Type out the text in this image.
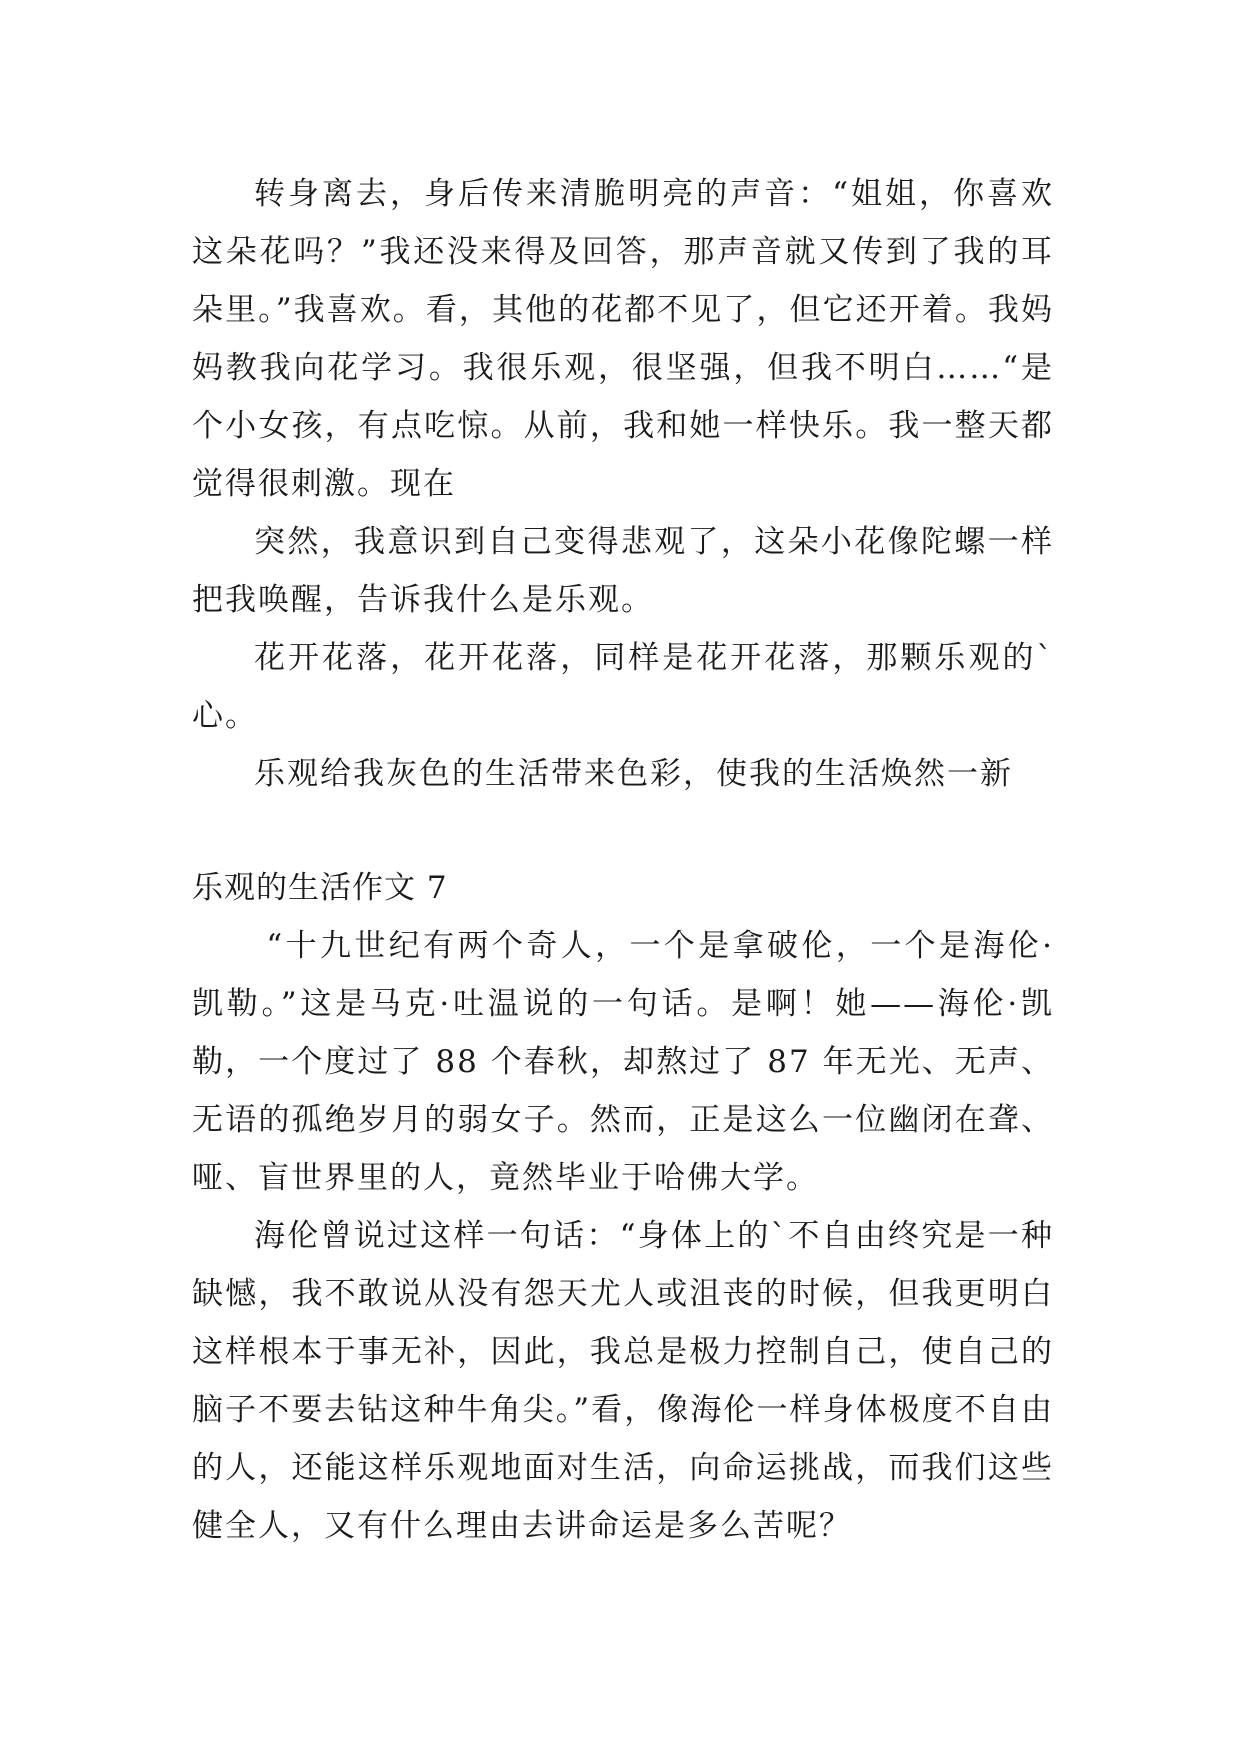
转身离去，身后传来清脆明亮的声音：“姐姐，你喜欢这朵花吗？”我还没来得及回答，那声音就又传到了我的耳朵里。”我喜欢。看，其他的花都不见了，但它还开着。我妈妈教我向花学习。我很乐观，很坚强，但我不明白……“是个小女孩，有点吃惊。从前，我和她一样快乐。我一整天都觉得很刺激。现在

突然，我意识到自己变得悲观了，这朵小花像陀螺一样把我唤醒，告诉我什么是乐观。

花开花落，花开花落，同样是花开花落，那颗乐观的`心。

乐观给我灰色的生活带来色彩，使我的生活焕然一新

乐观的生活作文 7

“十九世纪有两个奇人，一个是拿破伦，一个是海伦·凯勒。”这是马克·吐温说的一句话。是啊！她——海伦·凯勒，一个度过了 88 个春秋，却熬过了 87 年无光、无声、无语的孤绝岁月的弱女子。然而，正是这么一位幽闭在聋、哑、盲世界里的人，竟然毕业于哈佛大学。

海伦曾说过这样一句话：“身体上的`不自由终究是一种缺憾，我不敢说从没有怨天尤人或沮丧的时候，但我更明白这样根本于事无补，因此，我总是极力控制自己，使自己的脑子不要去钻这种牛角尖。”看，像海伦一样身体极度不自由的人，还能这样乐观地面对生活，向命运挑战，而我们这些健全人，又有什么理由去讲命运是多么苦呢？
